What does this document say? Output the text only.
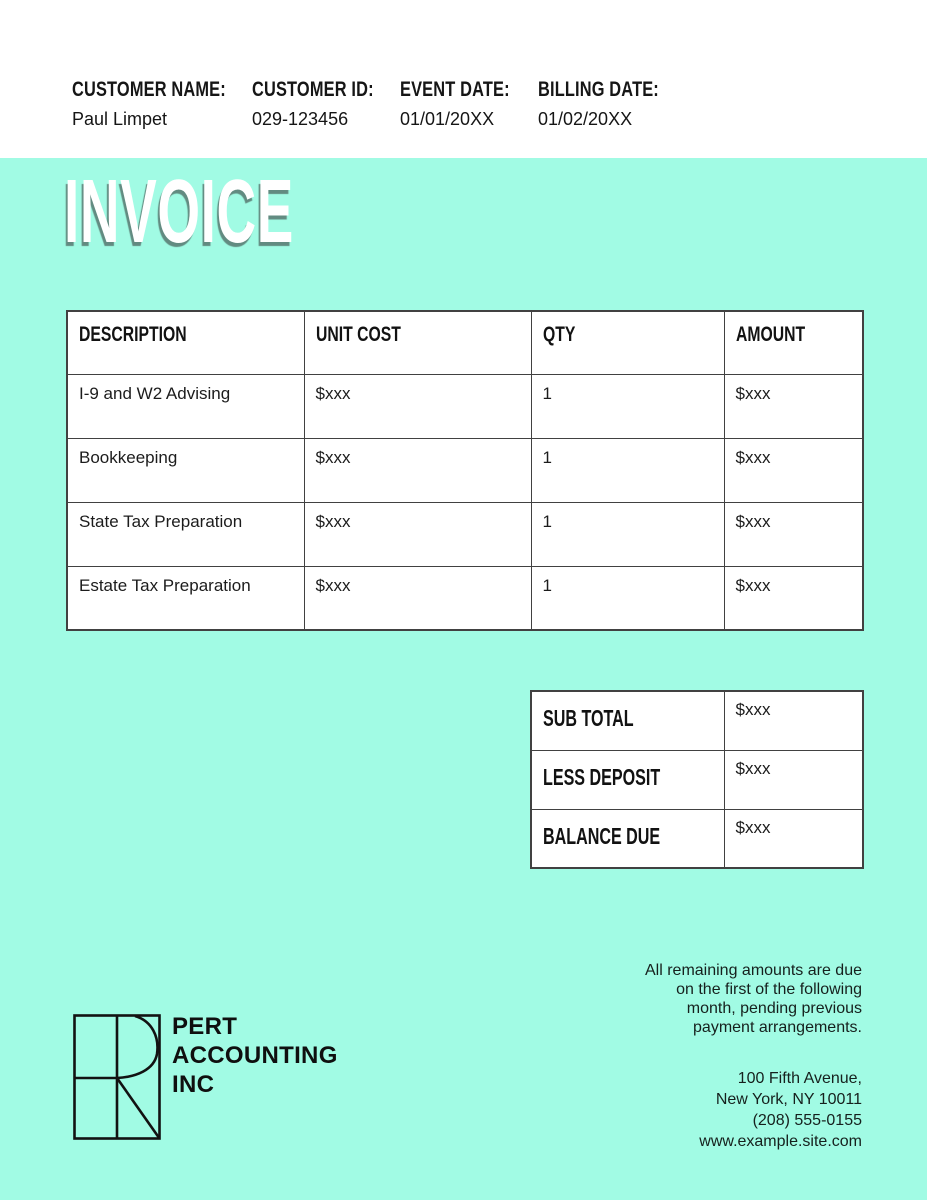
CUSTOMER NAME:
Paul Limpet
CUSTOMER ID:
029-123456
EVENT DATE:
01/01/20XX
BILLING DATE:
01/02/20XX
INVOICE
DESCRIPTION	UNIT COST	QTY	AMOUNT
I-9 and W2 Advising	$xxx	1	$xxx
Bookkeeping	$xxx	1	$xxx
State Tax Preparation	$xxx	1	$xxx
Estate Tax Preparation	$xxx	1	$xxx
SUB TOTAL	$xxx
LESS DEPOSIT	$xxx
BALANCE DUE	$xxx
PERT
ACCOUNTING
INC
All remaining amounts are due
on the first of the following
month, pending previous
payment arrangements.
100 Fifth Avenue,
New York, NY 10011
(208) 555-0155
www.example.site.com
